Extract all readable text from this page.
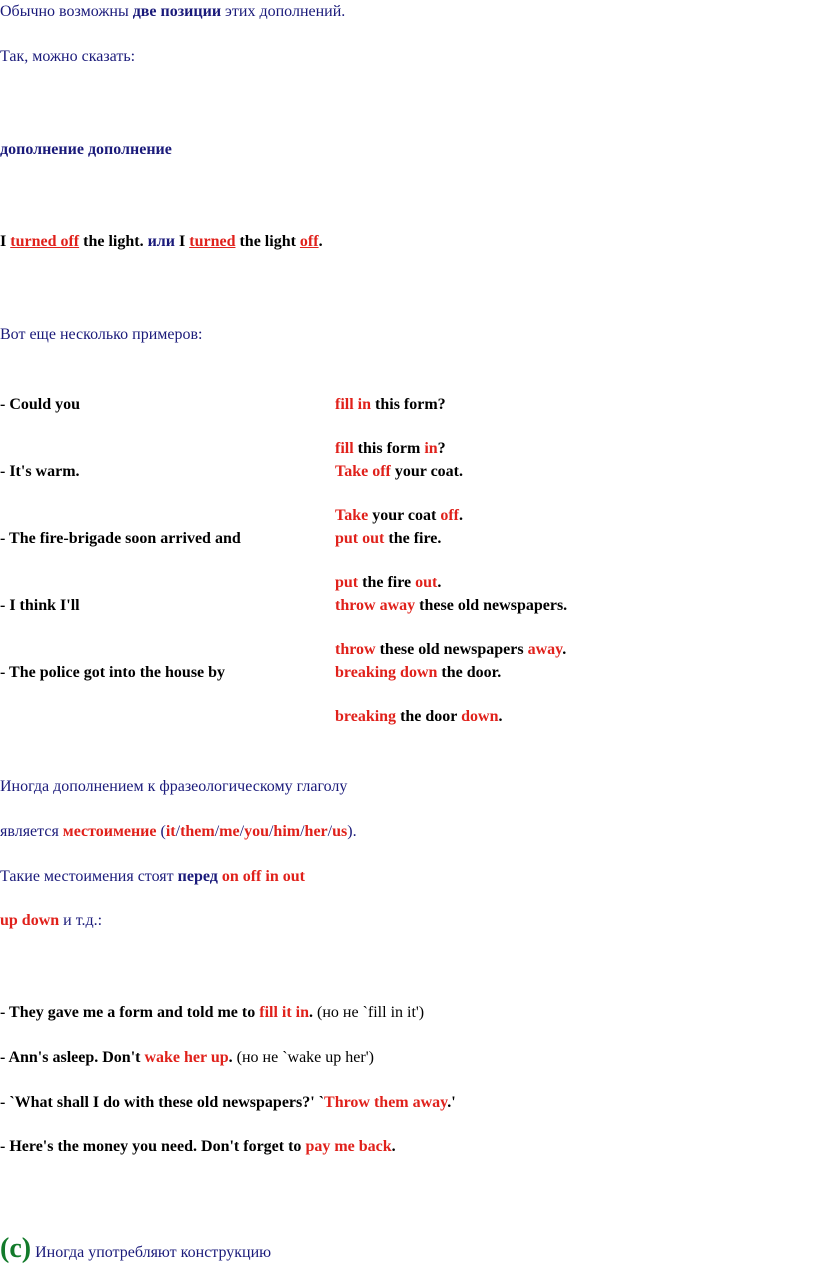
Обычно возможны две позиции этих дополнений.
Так, можно сказать:
дополнение дополнение
I turned off the light. или I turned the light off.
Вот еще несколько примеров:
- Could you	fill in this form?
fill this form in?
- It's warm.	Take off your coat.
Take your coat off.
- The fire-brigade soon arrived and	put out the fire.
put the fire out.
- I think I'll	throw away these old newspapers.
throw these old newspapers away.
- The police got into the house by	breaking down the door.
breaking the door down.
Иногда дополнением к фразеологическому глаголу
является местоимение (it/them/me/you/him/her/us).
Такие местоимения стоят перед on off in out
up down и т.д.:
- They gave me a form and told me to fill it in. (но не `fill in it')
- Ann's asleep. Don't wake her up. (но не `wake up her')
- `What shall I do with these old newspapers?' `Throw them away.'
- Here's the money you need. Don't forget to pay me back.
(c) Иногда употребляют конструкцию
